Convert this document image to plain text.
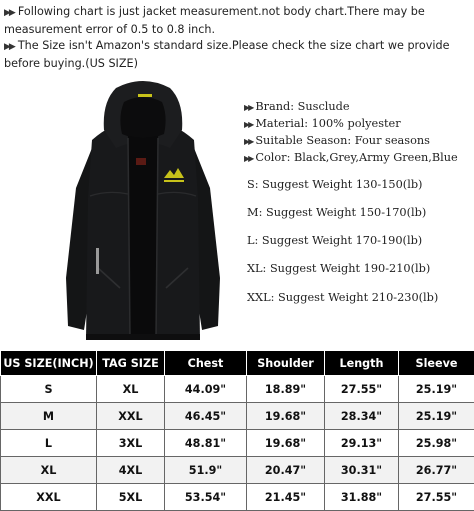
▶▶ Following chart is just jacket measurement.not body chart.There may be measurement error of 0.5 to 0.8 inch.
▶▶ The Size isn't Amazon's standard size.Please check the size chart we provide before buying.(US SIZE)
▶▶ Brand: Susclude
▶▶ Material: 100% polyester
▶▶ Suitable Season: Four seasons
▶▶ Color: Black,Grey,Army Green,Blue
S: Suggest Weight 130-150(lb)
M: Suggest Weight 150-170(lb)
L: Suggest Weight 170-190(lb)
XL: Suggest Weight 190-210(lb)
XXL: Suggest Weight 210-230(lb)
US SIZE(INCH)	TAG SIZE	Chest	Shoulder	Length	Sleeve
S	XL	44.09"	18.89"	27.55"	25.19"
M	XXL	46.45"	19.68"	28.34"	25.19"
L	3XL	48.81"	19.68"	29.13"	25.98"
XL	4XL	51.9"	20.47"	30.31"	26.77"
XXL	5XL	53.54"	21.45"	31.88"	27.55"
